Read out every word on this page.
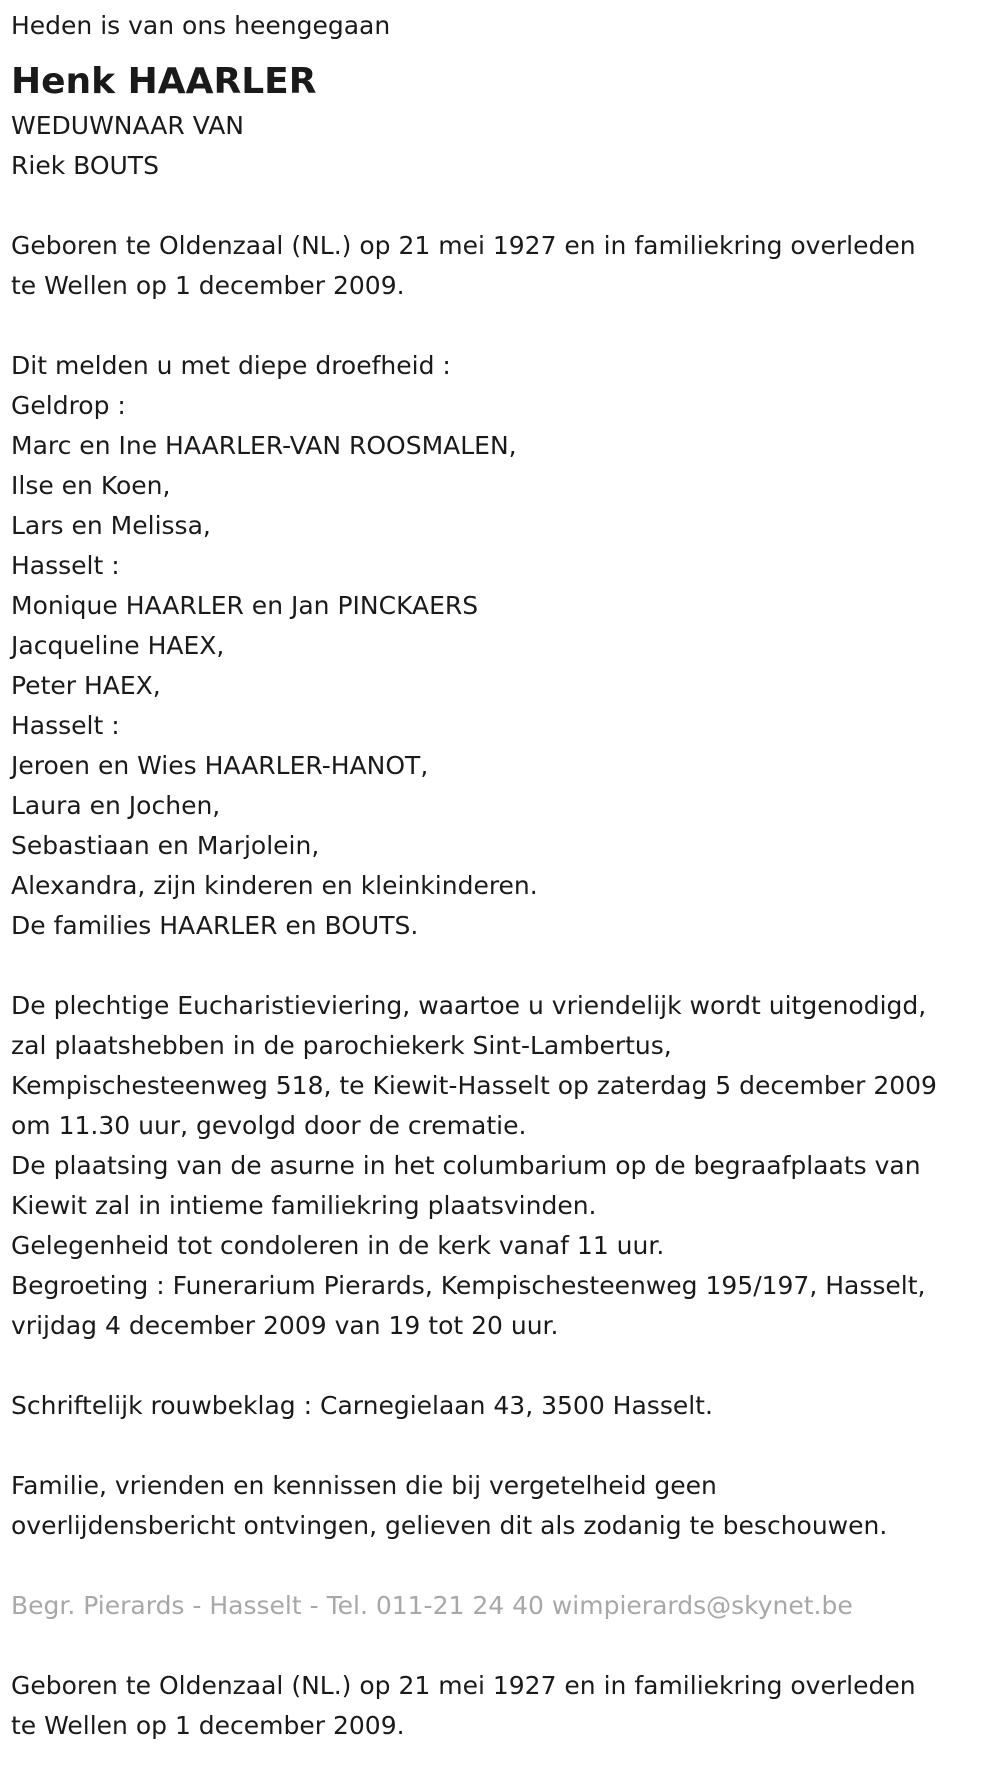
Heden is van ons heengegaan
Henk HAARLER
WEDUWNAAR VAN
Riek BOUTS
Geboren te Oldenzaal (NL.) op 21 mei 1927 en in familiekring overleden
te Wellen op 1 december 2009.
Dit melden u met diepe droefheid :
Geldrop :
Marc en Ine HAARLER-VAN ROOSMALEN,
Ilse en Koen,
Lars en Melissa,
Hasselt :
Monique HAARLER en Jan PINCKAERS
Jacqueline HAEX,
Peter HAEX,
Hasselt :
Jeroen en Wies HAARLER-HANOT,
Laura en Jochen,
Sebastiaan en Marjolein,
Alexandra, zijn kinderen en kleinkinderen.
De families HAARLER en BOUTS.
De plechtige Eucharistieviering, waartoe u vriendelijk wordt uitgenodigd,
zal plaatshebben in de parochiekerk Sint-Lambertus,
Kempischesteenweg 518, te Kiewit-Hasselt op zaterdag 5 december 2009
om 11.30 uur, gevolgd door de crematie.
De plaatsing van de asurne in het columbarium op de begraafplaats van
Kiewit zal in intieme familiekring plaatsvinden.
Gelegenheid tot condoleren in de kerk vanaf 11 uur.
Begroeting : Funerarium Pierards, Kempischesteenweg 195/197, Hasselt,
vrijdag 4 december 2009 van 19 tot 20 uur.
Schriftelijk rouwbeklag : Carnegielaan 43, 3500 Hasselt.
Familie, vrienden en kennissen die bij vergetelheid geen
overlijdensbericht ontvingen, gelieven dit als zodanig te beschouwen.
Begr. Pierards - Hasselt - Tel. 011-21 24 40 wimpierards@skynet.be
Geboren te Oldenzaal (NL.) op 21 mei 1927 en in familiekring overleden
te Wellen op 1 december 2009.
